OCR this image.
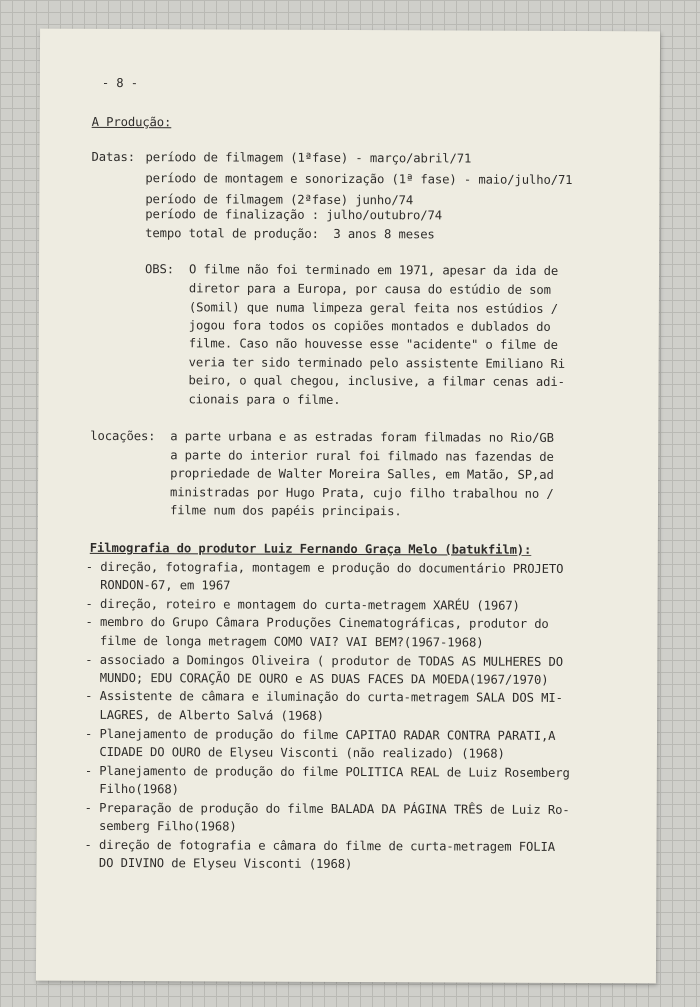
- 8 -
A Produção:
Datas: período de filmagem (1ªfase) - março/abril/71
período de montagem e sonorização (1ª fase) - maio/julho/71
período de filmagem (2ªfase) junho/74
período de finalização : julho/outubro/74
tempo total de produção:  3 anos 8 meses
OBS: O filme não foi terminado em 1971, apesar da ida de
diretor para a Europa, por causa do estúdio de som
(Somil) que numa limpeza geral feita nos estúdios /
jogou fora todos os copiões montados e dublados do
filme. Caso não houvesse esse "acidente" o filme de
veria ter sido terminado pelo assistente Emiliano Ri
beiro, o qual chegou, inclusive, a filmar cenas adi-
cionais para o filme.
locações: a parte urbana e as estradas foram filmadas no Rio/GB
a parte do interior rural foi filmado nas fazendas de
propriedade de Walter Moreira Salles, em Matão, SP,ad
ministradas por Hugo Prata, cujo filho trabalhou no /
filme num dos papéis principais.
Filmografia do produtor Luiz Fernando Graça Melo (batukfilm):
- direção, fotografia, montagem e produção do documentário PROJETO
RONDON-67, em 1967
- direção, roteiro e montagem do curta-metragem XARÉU (1967)
- membro do Grupo Câmara Produções Cinematográficas, produtor do
filme de longa metragem COMO VAI? VAI BEM?(1967-1968)
- associado a Domingos Oliveira ( produtor de TODAS AS MULHERES DO
MUNDO; EDU CORAÇÃO DE OURO e AS DUAS FACES DA MOEDA(1967/1970)
- Assistente de câmara e iluminação do curta-metragem SALA DOS MI-
LAGRES, de Alberto Salvá (1968)
- Planejamento de produção do filme CAPITAO RADAR CONTRA PARATI,A
CIDADE DO OURO de Elyseu Visconti (não realizado) (1968)
- Planejamento de produção do filme POLITICA REAL de Luiz Rosemberg
Filho(1968)
- Preparação de produção do filme BALADA DA PÁGINA TRÊS de Luiz Ro-
semberg Filho(1968)
- direção de fotografia e câmara do filme de curta-metragem FOLIA
DO DIVINO de Elyseu Visconti (1968)
